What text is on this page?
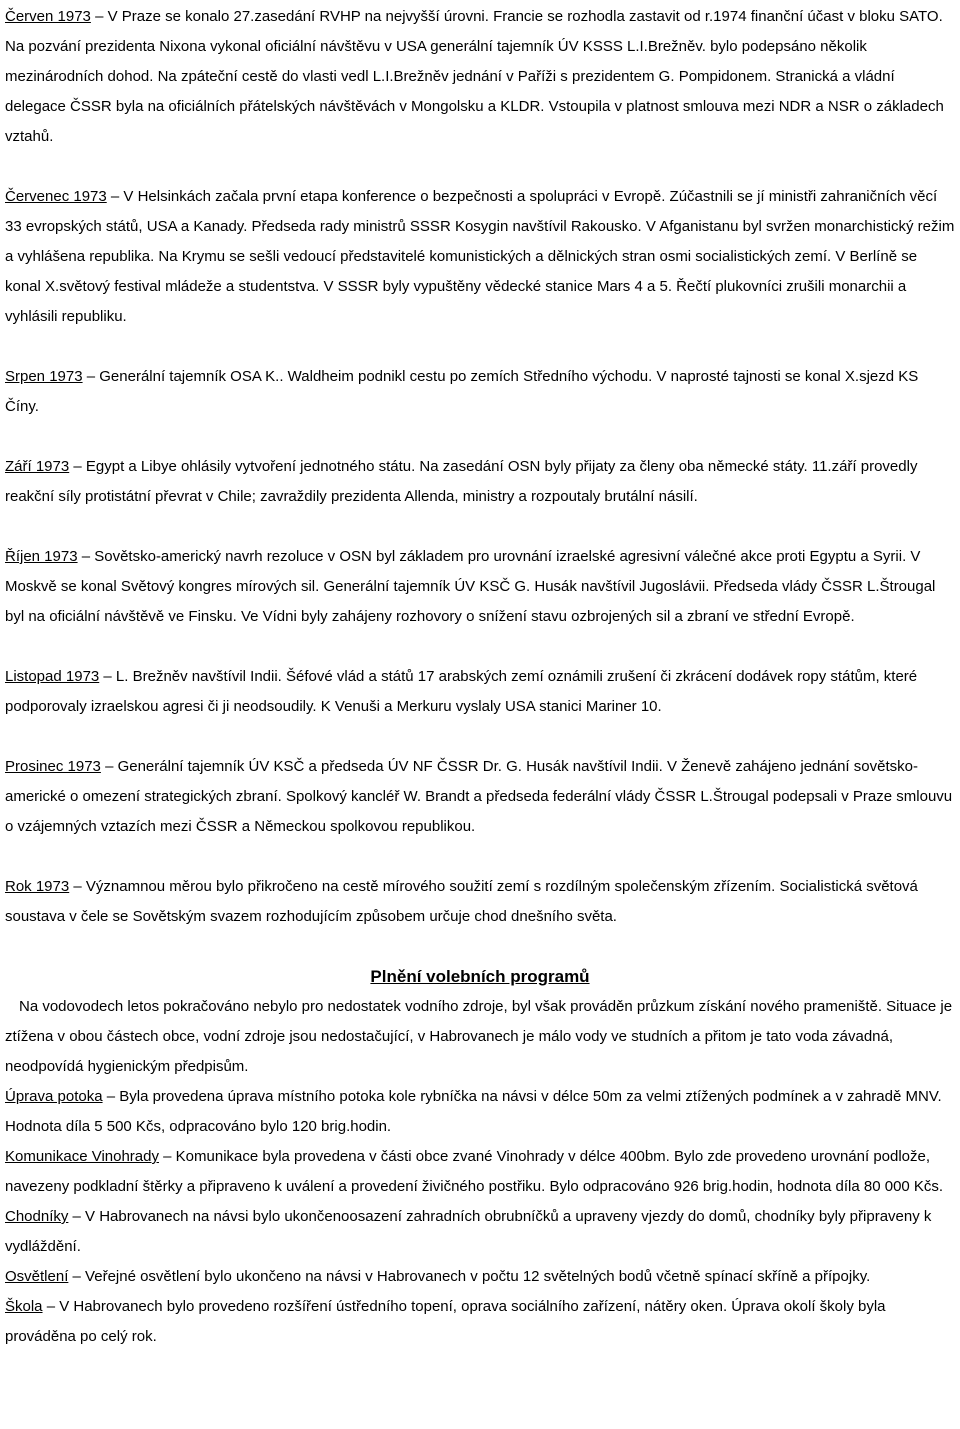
Červen 1973 – V Praze se konalo 27.zasedání RVHP na nejvyšší úrovni. Francie se rozhodla zastavit od r.1974 finanční účast v bloku SATO. Na pozvání prezidenta Nixona vykonal oficiální návštěvu v USA generální tajemník ÚV KSSS L.I.Brežněv. bylo podepsáno několik mezinárodních dohod. Na zpáteční cestě do vlasti vedl L.I.Brežněv jednání v Paříži s prezidentem G. Pompidonem. Stranická a vládní delegace ČSSR byla na oficiálních přátelských návštěvách v Mongolsku a KLDR. Vstoupila v platnost smlouva mezi NDR a NSR o základech vztahů.

Červenec 1973 – V Helsinkách začala první etapa konference o bezpečnosti a spolupráci v Evropě. Zúčastnili se jí ministři zahraničních věcí 33 evropských států, USA a Kanady. Předseda rady ministrů SSSR Kosygin navštívil Rakousko. V Afganistanu byl svržen monarchistický režim a vyhlášena republika. Na Krymu se sešli vedoucí představitelé komunistických a dělnických stran osmi socialistických zemí. V Berlíně se konal X.světový festival mládeže a studentstva. V SSSR byly vypuštěny vědecké stanice Mars 4 a 5. Řečtí plukovníci zrušili monarchii a vyhlásili republiku.

Srpen 1973 – Generální tajemník OSA K.. Waldheim podnikl cestu po zemích Středního východu. V naprosté tajnosti se konal X.sjezd KS Číny.

Září 1973 – Egypt a Libye ohlásily vytvoření jednotného státu. Na zasedání OSN byly přijaty za členy oba německé státy. 11.září provedly reakční síly protistátní převrat v Chile; zavraždily prezidenta Allenda, ministry a rozpoutaly brutální násilí.

Říjen 1973 – Sovětsko-americký navrh rezoluce v OSN byl základem pro urovnání izraelské agresivní válečné akce proti Egyptu a Syrii. V Moskvě se konal Světový kongres mírových sil. Generální tajemník ÚV KSČ G. Husák navštívil Jugoslávii. Předseda vlády ČSSR L.Štrougal byl na oficiální návštěvě ve Finsku. Ve Vídni byly zahájeny rozhovory o snížení stavu ozbrojených sil a zbraní ve střední Evropě.

Listopad 1973 – L. Brežněv navštívil Indii. Šéfové vlád a států 17 arabských zemí oznámili zrušení či zkrácení dodávek ropy státům, které podporovaly izraelskou agresi či ji neodsoudily. K Venuši a Merkuru vyslaly USA stanici Mariner 10.

Prosinec 1973 – Generální tajemník ÚV KSČ a předseda ÚV NF ČSSR Dr. G. Husák navštívil Indii. V Ženevě zahájeno jednání sovětsko-americké o omezení strategických zbraní. Spolkový kancléř W. Brandt a předseda federální vlády ČSSR L.Štrougal podepsali v Praze smlouvu o vzájemných vztazích mezi ČSSR a Německou spolkovou republikou.

Rok 1973 – Významnou měrou bylo přikročeno na cestě mírového soužití zemí s rozdílným společenským zřízením. Socialistická světová soustava v čele se Sovětským svazem rozhodujícím způsobem určuje chod dnešního světa.

Plnění volebních programů

Na vodovodech letos pokračováno nebylo pro nedostatek vodního zdroje, byl však prováděn průzkum získání nového prameniště. Situace je ztížena v obou částech obce, vodní zdroje jsou nedostačující, v Habrovanech je málo vody ve studních a přitom je tato voda závadná, neodpovídá hygienickým předpisům.

Úprava potoka – Byla provedena úprava místního potoka kole rybníčka na návsi v délce 50m za velmi ztížených podmínek a v zahradě MNV. Hodnota díla 5 500 Kčs, odpracováno bylo 120 brig.hodin.

Komunikace Vinohrady – Komunikace byla provedena v části obce zvané Vinohrady v délce 400bm. Bylo zde provedeno urovnání podlože, navezeny podkladní štěrky a připraveno k uválení a provedení živičného postřiku. Bylo odpracováno 926 brig.hodin, hodnota díla 80 000 Kčs.

Chodníky – V Habrovanech na návsi bylo ukončenoosazení zahradních obrubníčků a upraveny vjezdy do domů, chodníky byly připraveny k vydláždění.

Osvětlení – Veřejné osvětlení bylo ukončeno na návsi v Habrovanech v počtu 12 světelných bodů včetně spínací skříně a přípojky.

Škola – V Habrovanech bylo provedeno rozšíření ústředního topení, oprava sociálního zařízení, nátěry oken. Úprava okolí školy byla prováděna po celý rok.
